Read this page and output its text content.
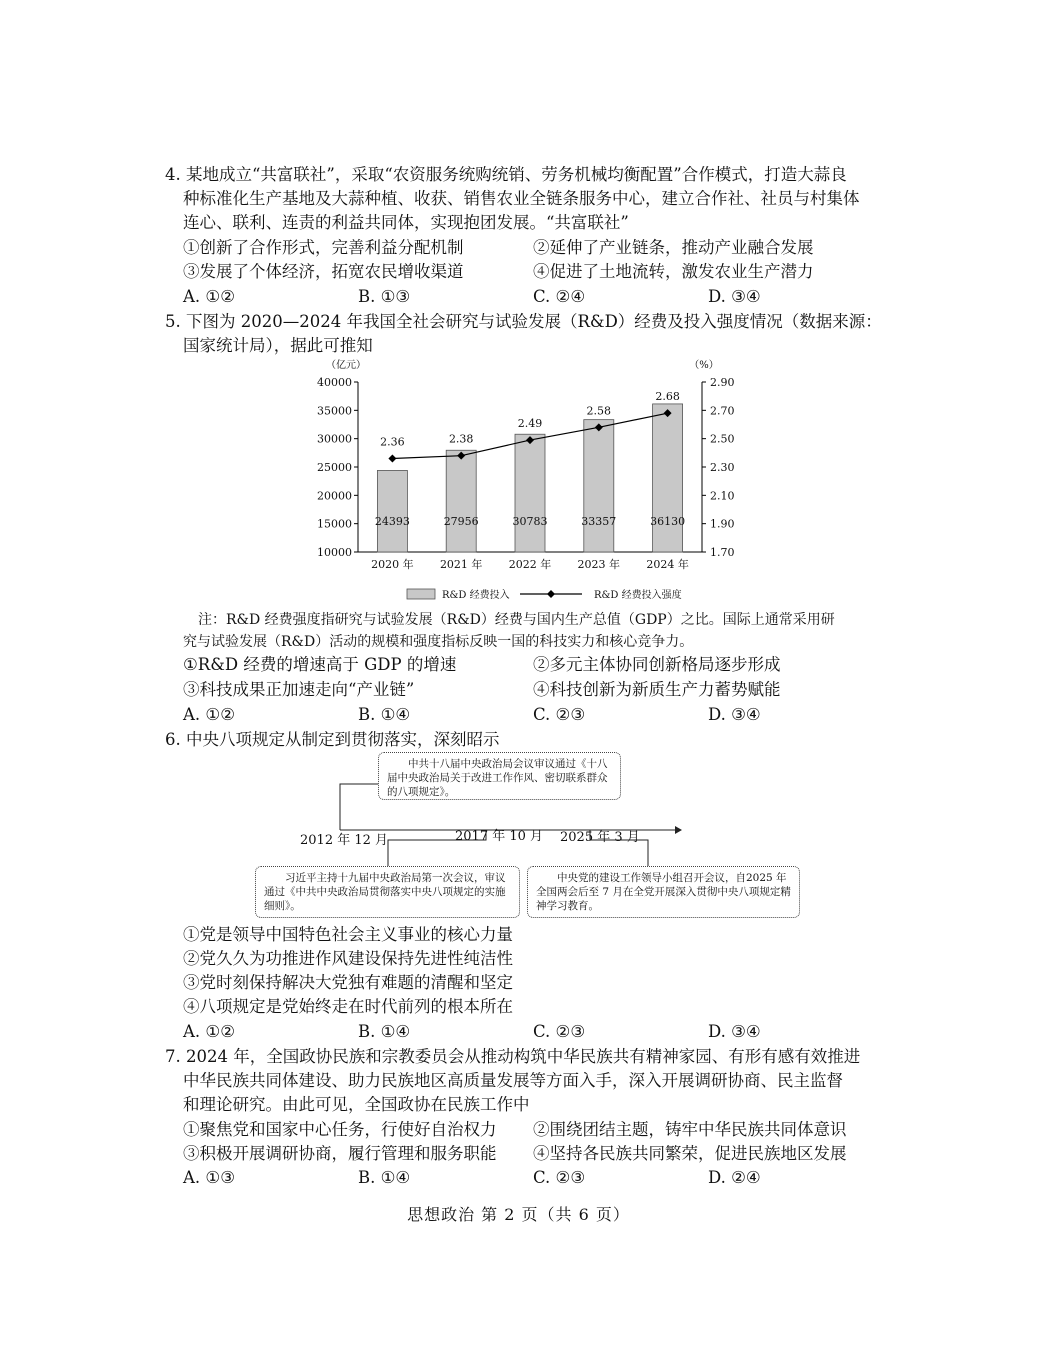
4. 某地成立“共富联社”，采取“农资服务统购统销、劳务机械均衡配置”合作模式，打造大蒜良
种标准化生产基地及大蒜种植、收获、销售农业全链条服务中心，建立合作社、社员与村集体
连心、联利、连责的利益共同体，实现抱团发展。“共富联社”
①创新了合作形式，完善利益分配机制	②延伸了产业链条，推动产业融合发展
③发展了个体经济，拓宽农民增收渠道	④促进了土地流转，激发农业生产潜力
A. ①②	B. ①③	C. ②④	D. ③④
5. 下图为 2020—2024 年我国全社会研究与试验发展（R&D）经费及投入强度情况（数据来源：
国家统计局），据此可推知
10000
15000
20000
25000
30000
35000
40000
（亿元）
1.70
1.90
2.10
2.30
2.50
2.70
2.90
（%）
24393	27956	30783	33357	36130
2020 年 2021 年 2022 年 2023 年 2024 年
2.36	2.38
2.49
2.58
2.68
R&D 经费投入	R&D 经费投入强度
注：R&D 经费强度指研究与试验发展（R&D）经费与国内生产总值（GDP）之比。国际上通常采用研
究与试验发展（R&D）活动的规模和强度指标反映一国的科技实力和核心竞争力。
①R&D 经费的增速高于 GDP 的增速	②多元主体协同创新格局逐步形成
③科技成果正加速走向“产业链”	④科技创新为新质生产力蓄势赋能
A. ①②	B. ①④	C. ②③	D. ③④
6. 中央八项规定从制定到贯彻落实，深刻昭示
中共十八届中央政治局会议审议通过《十八届中央政治局关于改进工作作风、密切联系群众的八项规定》。
2012 年 12 月	2017 年 10 月 2025 年 3 月
习近平主持十九届中央政治局第一次会议，审议通过《中共中央政治局贯彻落实中央八项规定的实施细则》。
中央党的建设工作领导小组召开会议，自2025 年全国两会后至 7 月在全党开展深入贯彻中央八项规定精神学习教育。
①党是领导中国特色社会主义事业的核心力量
②党久久为功推进作风建设保持先进性纯洁性
③党时刻保持解决大党独有难题的清醒和坚定
④八项规定是党始终走在时代前列的根本所在
A. ①②	B. ①④	C. ②③	D. ③④
7. 2024 年，全国政协民族和宗教委员会从推动构筑中华民族共有精神家园、有形有感有效推进
中华民族共同体建设、助力民族地区高质量发展等方面入手，深入开展调研协商、民主监督
和理论研究。由此可见，全国政协在民族工作中
①聚焦党和国家中心任务，行使好自治权力 ②围绕团结主题，铸牢中华民族共同体意识
③积极开展调研协商，履行管理和服务职能 ④坚持各民族共同繁荣，促进民族地区发展
A. ①③	B. ①④	C. ②③	D. ②④
思想政治 第 2 页（共 6 页）
